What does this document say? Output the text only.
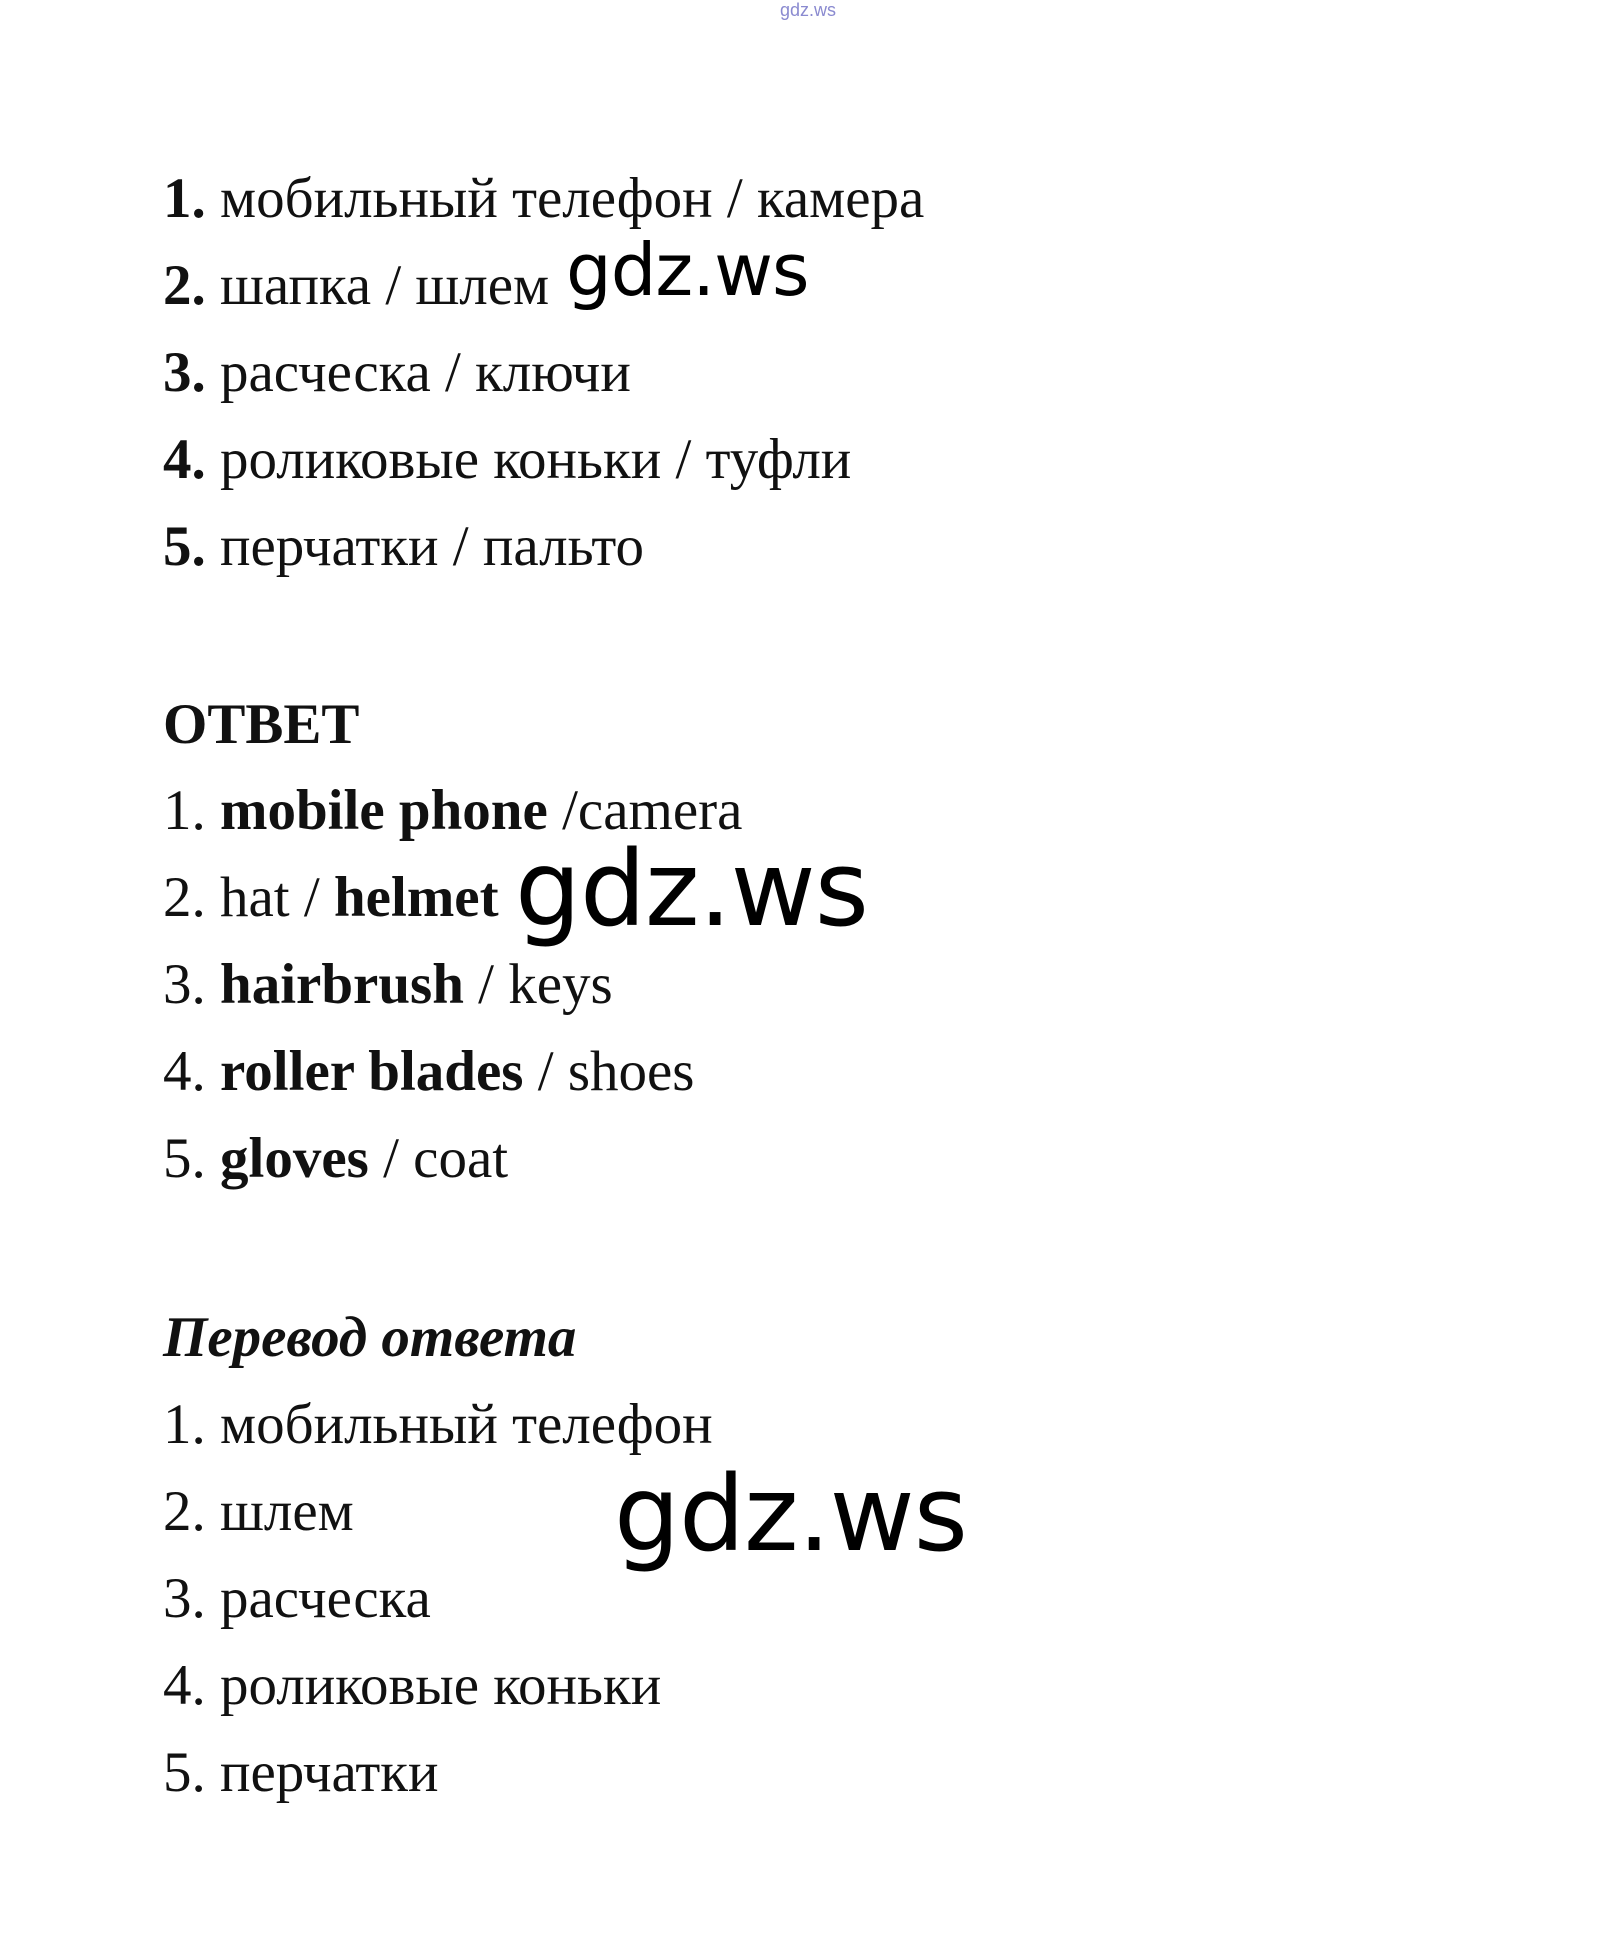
gdz.ws
1. мобильный телефон / камера
2. шапка / шлем
3. расческа / ключи
4. роликовые коньки / туфли
5. перчатки / пальто
ОТВЕТ
1. mobile phone /camera
2. hat / helmet
3. hairbrush / keys
4. roller blades / shoes
5. gloves / coat
Перевод ответа
1. мобильный телефон
2. шлем
3. расческа
4. роликовые коньки
5. перчатки
gdz.ws
gdz.ws
gdz.ws
